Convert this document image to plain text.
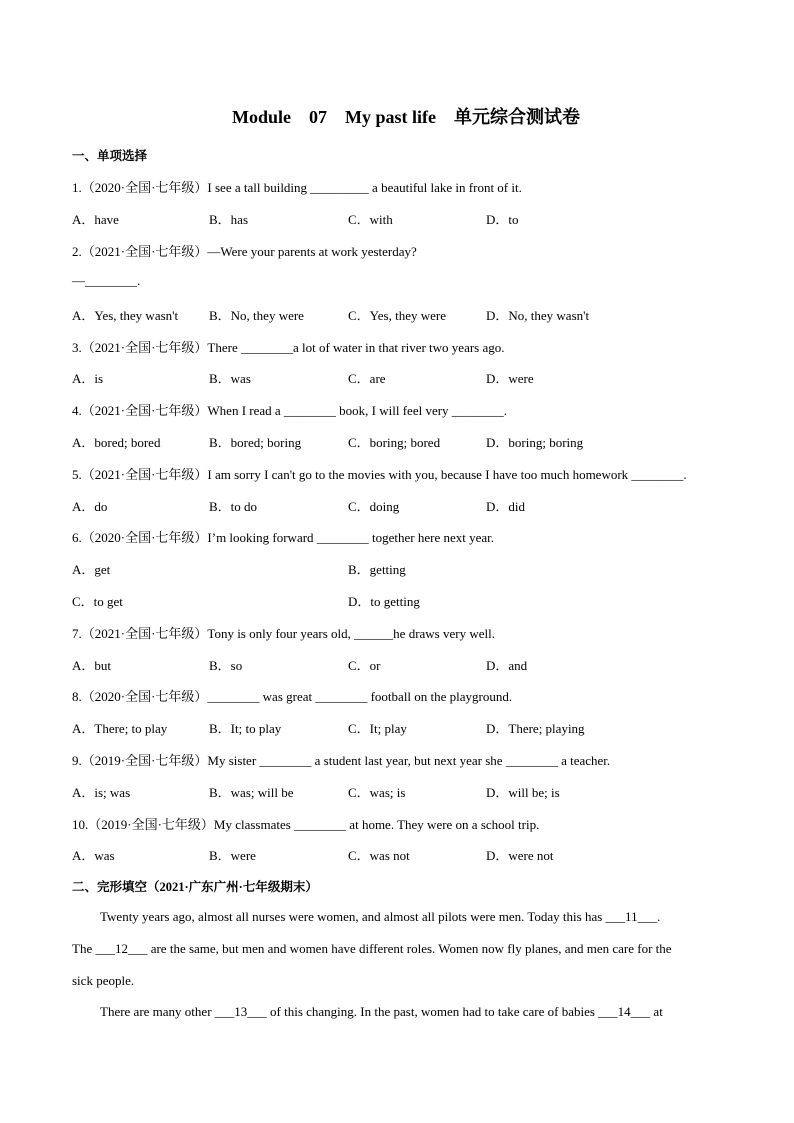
Module    07    My past life    单元综合测试卷
一、单项选择
1.（2020·全国·七年级）I see a tall building _________ a beautiful lake in front of it.
A．have	B．has	C．with	D．to
2.（2021·全国·七年级）—Were your parents at work yesterday?
—________.
A．Yes, they wasn't B．No, they were	C．Yes, they were	D．No, they wasn't
3.（2021·全国·七年级）There ________a lot of water in that river two years ago.
A．is	B．was	C．are	D．were
4.（2021·全国·七年级）When I read a ________ book, I will feel very ________.
A．bored; bored	B．bored; boring	C．boring; bored	D．boring; boring
5.（2021·全国·七年级）I am sorry I can't go to the movies with you, because I have too much homework ________.
A．do	B．to do	C．doing	D．did
6.（2020·全国·七年级）I’m looking forward ________ together here next year.
A．get	B．getting
C．to get	D．to getting
7.（2021·全国·七年级）Tony is only four years old, ______he draws very well.
A．but	B．so	C．or	D．and
8.（2020·全国·七年级）________ was great ________ football on the playground.
A．There; to play	B．It; to play	C．It; play	D．There; playing
9.（2019·全国·七年级）My sister ________ a student last year, but next year she ________ a teacher.
A．is; was	B．was; will be	C．was; is	D．will be; is
10.（2019·全国·七年级）My classmates ________ at home. They were on a school trip.
A．was	B．were	C．was not	D．were not
二、完形填空（2021·广东广州·七年级期末）
Twenty years ago, almost all nurses were women, and almost all pilots were men. Today this has ___11___.
The ___12___ are the same, but men and women have different roles. Women now fly planes, and men care for the
sick people.
There are many other ___13___ of this changing. In the past, women had to take care of babies ___14___ at
